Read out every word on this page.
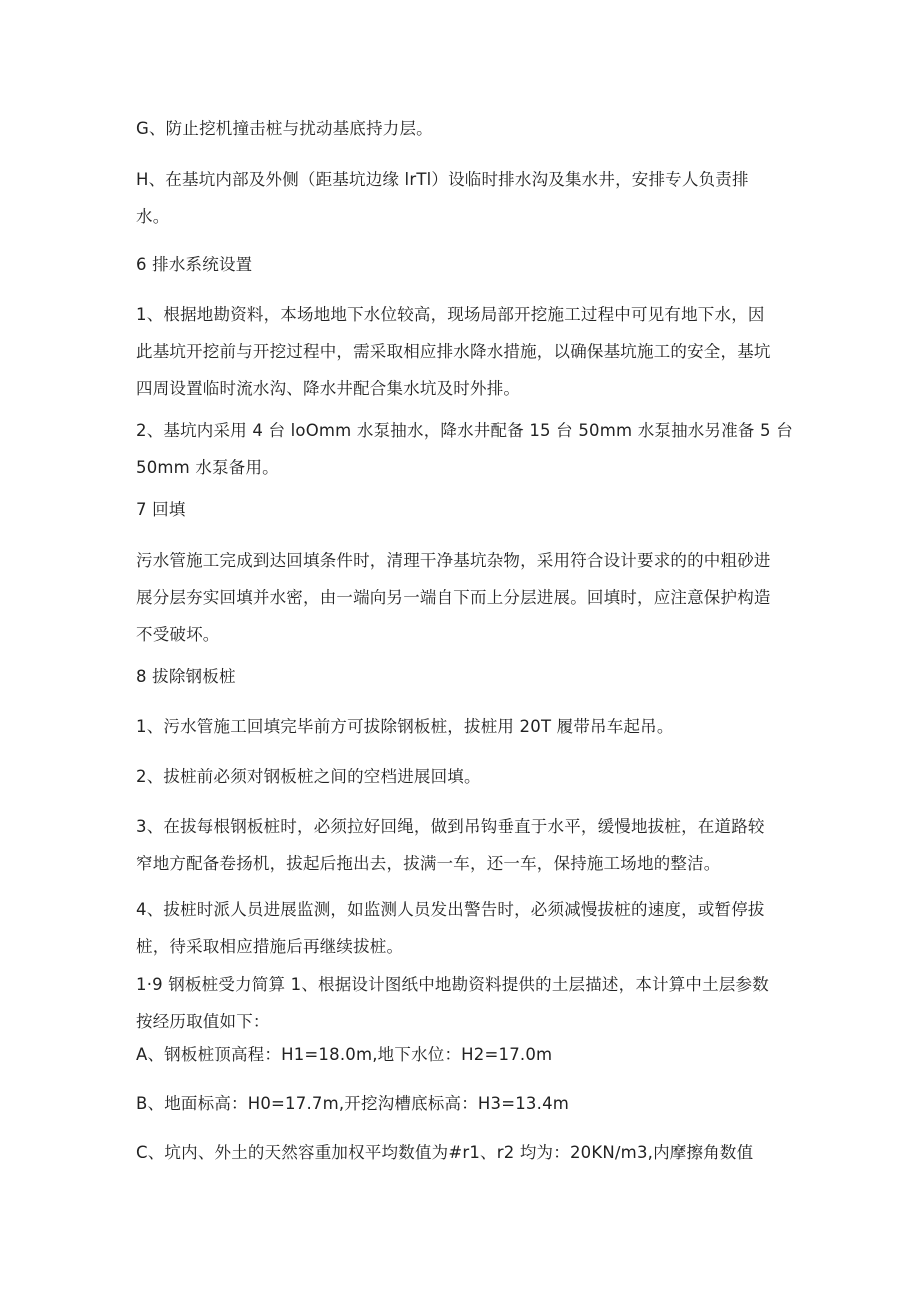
G、防止挖机撞击桩与扰动基底持力层。

H、在基坑内部及外侧（距基坑边缘 lrTl）设临时排水沟及集水井，安排专人负责排
水。

6 排水系统设置

1、根据地勘资料，本场地地下水位较高，现场局部开挖施工过程中可见有地下水，因
此基坑开挖前与开挖过程中，需采取相应排水降水措施，以确保基坑施工的安全，基坑
四周设置临时流水沟、降水井配合集水坑及时外排。

2、基坑内采用 4 台 loOmm 水泵抽水，降水井配备 15 台 50mm 水泵抽水另准备 5 台
50mm 水泵备用。

7 回填

污水管施工完成到达回填条件时，清理干净基坑杂物，采用符合设计要求的的中粗砂进
展分层夯实回填并水密，由一端向另一端自下而上分层进展。回填时，应注意保护构造
不受破坏。

8 拔除钢板桩

1、污水管施工回填完毕前方可拔除钢板桩，拔桩用 20T 履带吊车起吊。

2、拔桩前必须对钢板桩之间的空档进展回填。

3、在拔每根钢板桩时，必须拉好回绳，做到吊钩垂直于水平，缓慢地拔桩，在道路较
窄地方配备卷扬机，拔起后拖出去，拔满一车，还一车，保持施工场地的整洁。

4、拔桩时派人员进展监测，如监测人员发出警告时，必须减慢拔桩的速度，或暂停拔
桩，待采取相应措施后再继续拔桩。

1·9 钢板桩受力简算 1、根据设计图纸中地勘资料提供的土层描述，本计算中土层参数
按经历取值如下：

A、钢板桩顶高程：H1=18.0m,地下水位：H2=17.0m

B、地面标高：H0=17.7m,开挖沟槽底标高：H3=13.4m

C、坑内、外土的天然容重加权平均数值为#r1、r2 均为：20KN∕m3,内摩擦角数值
